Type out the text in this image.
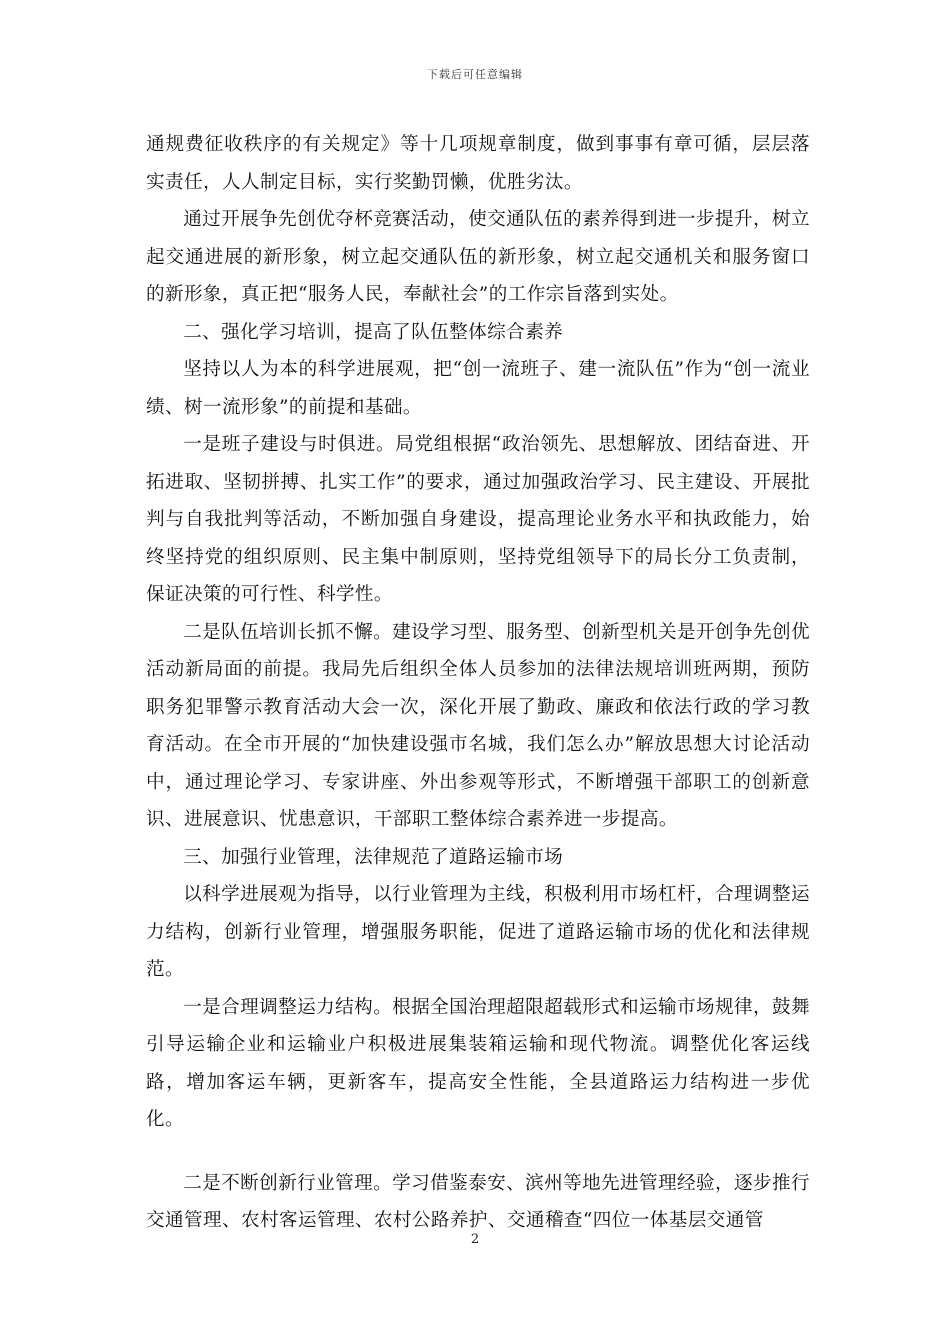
下载后可任意编辑

通规费征收秩序的有关规定》等十几项规章制度，做到事事有章可循，层层落实责任，人人制定目标，实行奖勤罚懒，优胜劣汰。

通过开展争先创优夺杯竞赛活动，使交通队伍的素养得到进一步提升，树立起交通进展的新形象，树立起交通队伍的新形象，树立起交通机关和服务窗口的新形象，真正把“服务人民，奉献社会”的工作宗旨落到实处。

二、强化学习培训，提高了队伍整体综合素养

坚持以人为本的科学进展观，把“创一流班子、建一流队伍”作为“创一流业绩、树一流形象”的前提和基础。

一是班子建设与时俱进。局党组根据“政治领先、思想解放、团结奋进、开拓进取、坚韧拼搏、扎实工作”的要求，通过加强政治学习、民主建设、开展批判与自我批判等活动，不断加强自身建设，提高理论业务水平和执政能力，始终坚持党的组织原则、民主集中制原则，坚持党组领导下的局长分工负责制，保证决策的可行性、科学性。

二是队伍培训长抓不懈。建设学习型、服务型、创新型机关是开创争先创优活动新局面的前提。我局先后组织全体人员参加的法律法规培训班两期，预防职务犯罪警示教育活动大会一次，深化开展了勤政、廉政和依法行政的学习教育活动。在全市开展的“加快建设强市名城，我们怎么办”解放思想大讨论活动中，通过理论学习、专家讲座、外出参观等形式，不断增强干部职工的创新意识、进展意识、忧患意识，干部职工整体综合素养进一步提高。

三、加强行业管理，法律规范了道路运输市场

以科学进展观为指导，以行业管理为主线，积极利用市场杠杆，合理调整运力结构，创新行业管理，增强服务职能，促进了道路运输市场的优化和法律规范。

一是合理调整运力结构。根据全国治理超限超载形式和运输市场规律，鼓舞引导运输企业和运输业户积极进展集装箱运输和现代物流。调整优化客运线路，增加客运车辆，更新客车，提高安全性能，全县道路运力结构进一步优化。

二是不断创新行业管理。学习借鉴泰安、滨州等地先进管理经验，逐步推行交通管理、农村客运管理、农村公路养护、交通稽查“四位一体基层交通管

2
